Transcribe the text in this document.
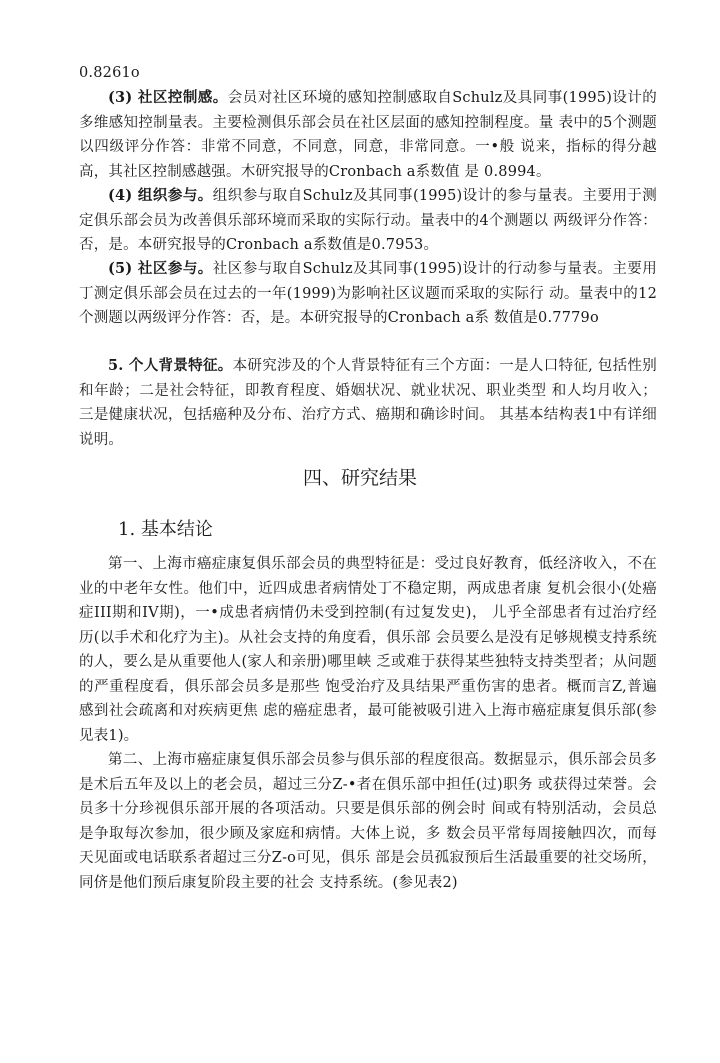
0.8261o
(3) 社区控制感。会员对社区环境的感知控制感取自Schulz及具同事(1995)设计的多维感知控制量表。主要检测俱乐部会员在社区层面的感知控制程度。量 表中的5个测题以四级评分作答：非常不同意，不同意，同意，非常同意。一•般 说来，指标的得分越高，其社区控制感越强。木研究报导的Cronbach a系数值 是 0.8994。
(4) 组织参与。组织参与取自Schulz及其同事(1995)设计的参与量表。主要用于测定俱乐部会员为改善俱乐部环境而采取的实际行动。量表中的4个测题以 两级评分作答：否，是。本研究报导的Cronbach a系数值是0.7953。
(5) 社区参与。社区参与取自Schulz及其同事(1995)设计的行动参与量表。主要用丁测定俱乐部会员在过去的一年(1999)为影响社区议题而采取的实际行 动。量表中的12个测题以两级评分作答：否，是。本研究报导的Cronbach a系 数值是0.7779o
5. 个人背景特征。本研究涉及的个人背景特征有三个方面：一是人口特征, 包括性别和年龄；二是社会特征，即教育程度、婚姻状况、就业状况、职业类型 和人均月收入；三是健康状况，包括癌种及分布、治疗方式、癌期和确诊时间。 其基本结构表1中有详细说明。
四、研究结果
1. 基本结论
第一、上海市癌症康复俱乐部会员的典型特征是：受过良好教育，低经济收入，不在业的中老年女性。他们中，近四成患者病情处丁不稳定期，两成患者康 复机会很小(处癌症III期和IV期)，一•成患者病情仍未受到控制(有过复发史)， 儿乎全部患者有过治疗经历(以手术和化疗为主)。从社会支持的角度看，俱乐部 会员要么是没有足够规模支持系统的人，要么是从重要他人(家人和亲册)哪里峡 乏或难于获得某些独特支持类型者；从问题的严重程度看，俱乐部会员多是那些 饱受治疗及具结果严重伤害的患者。概而言Z,普遍感到社会疏离和对疾病更焦 虑的癌症患者，最可能被吸引进入上海市癌症康复俱乐部(参见表1)。
第二、上海市癌症康复俱乐部会员参与俱乐部的程度很高。数据显示，俱乐部会员多是术后五年及以上的老会员，超过三分Z-•者在俱乐部中担任(过)职务 或获得过荣誉。会员多十分珍视俱乐部开展的各项活动。只要是俱乐部的例会时 间或有特别活动，会员总是争取每次参加，很少顾及家庭和病情。大体上说，多 数会员平常每周接触四次，而每天见面或电话联系者超过三分Z-o可见，俱乐 部是会员孤寂预后生活最重要的社交场所，同侪是他们预后康复阶段主要的社会 支持系统。(参见表2)
